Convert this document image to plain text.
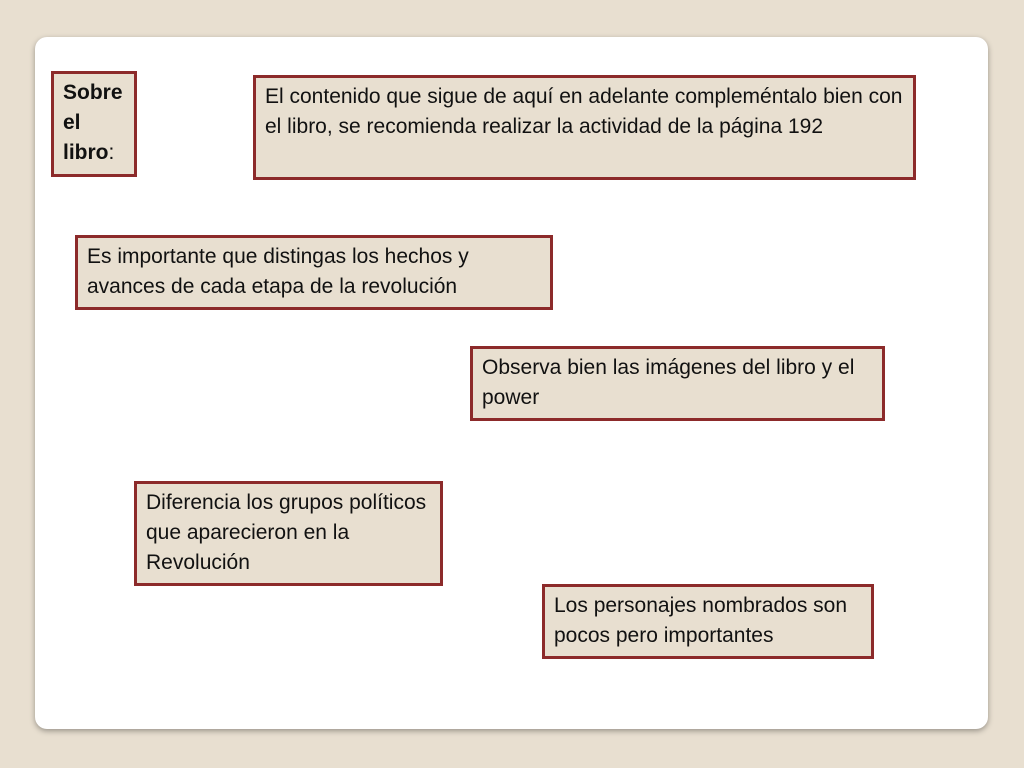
Sobre el libro:
El contenido que sigue de aquí en adelante compleméntalo bien con el libro, se recomienda realizar la actividad de la página 192
Es importante que distingas los hechos y avances de cada etapa de la revolución
Observa bien las imágenes del libro y el power
Diferencia los grupos políticos que aparecieron en la Revolución
Los personajes nombrados son pocos pero importantes
